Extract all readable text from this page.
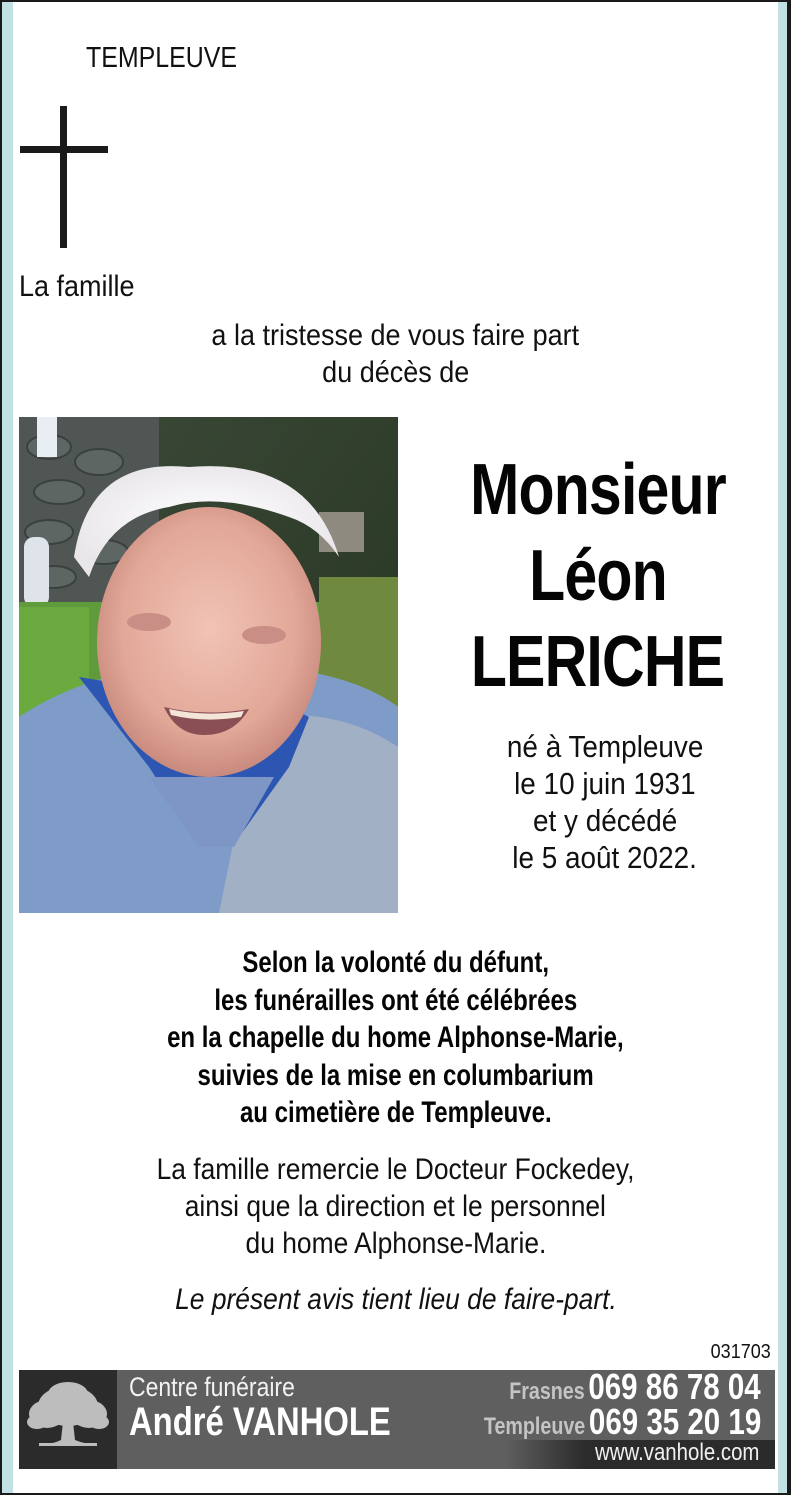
TEMPLEUVE
La famille
a la tristesse de vous faire part
du décès de
Monsieur
Léon
LERICHE
né à Templeuve
le 10 juin 1931
et y décédé
le 5 août 2022.
Selon la volonté du défunt,
les funérailles ont été célébrées
en la chapelle du home Alphonse-Marie,
suivies de la mise en columbarium
au cimetière de Templeuve.
La famille remercie le Docteur Fockedey,
ainsi que la direction et le personnel
du home Alphonse-Marie.
Le présent avis tient lieu de faire-part.
031703
Centre funéraire
André VANHOLE
Frasnes 069 86 78 04
Templeuve 069 35 20 19
www.vanhole.com
